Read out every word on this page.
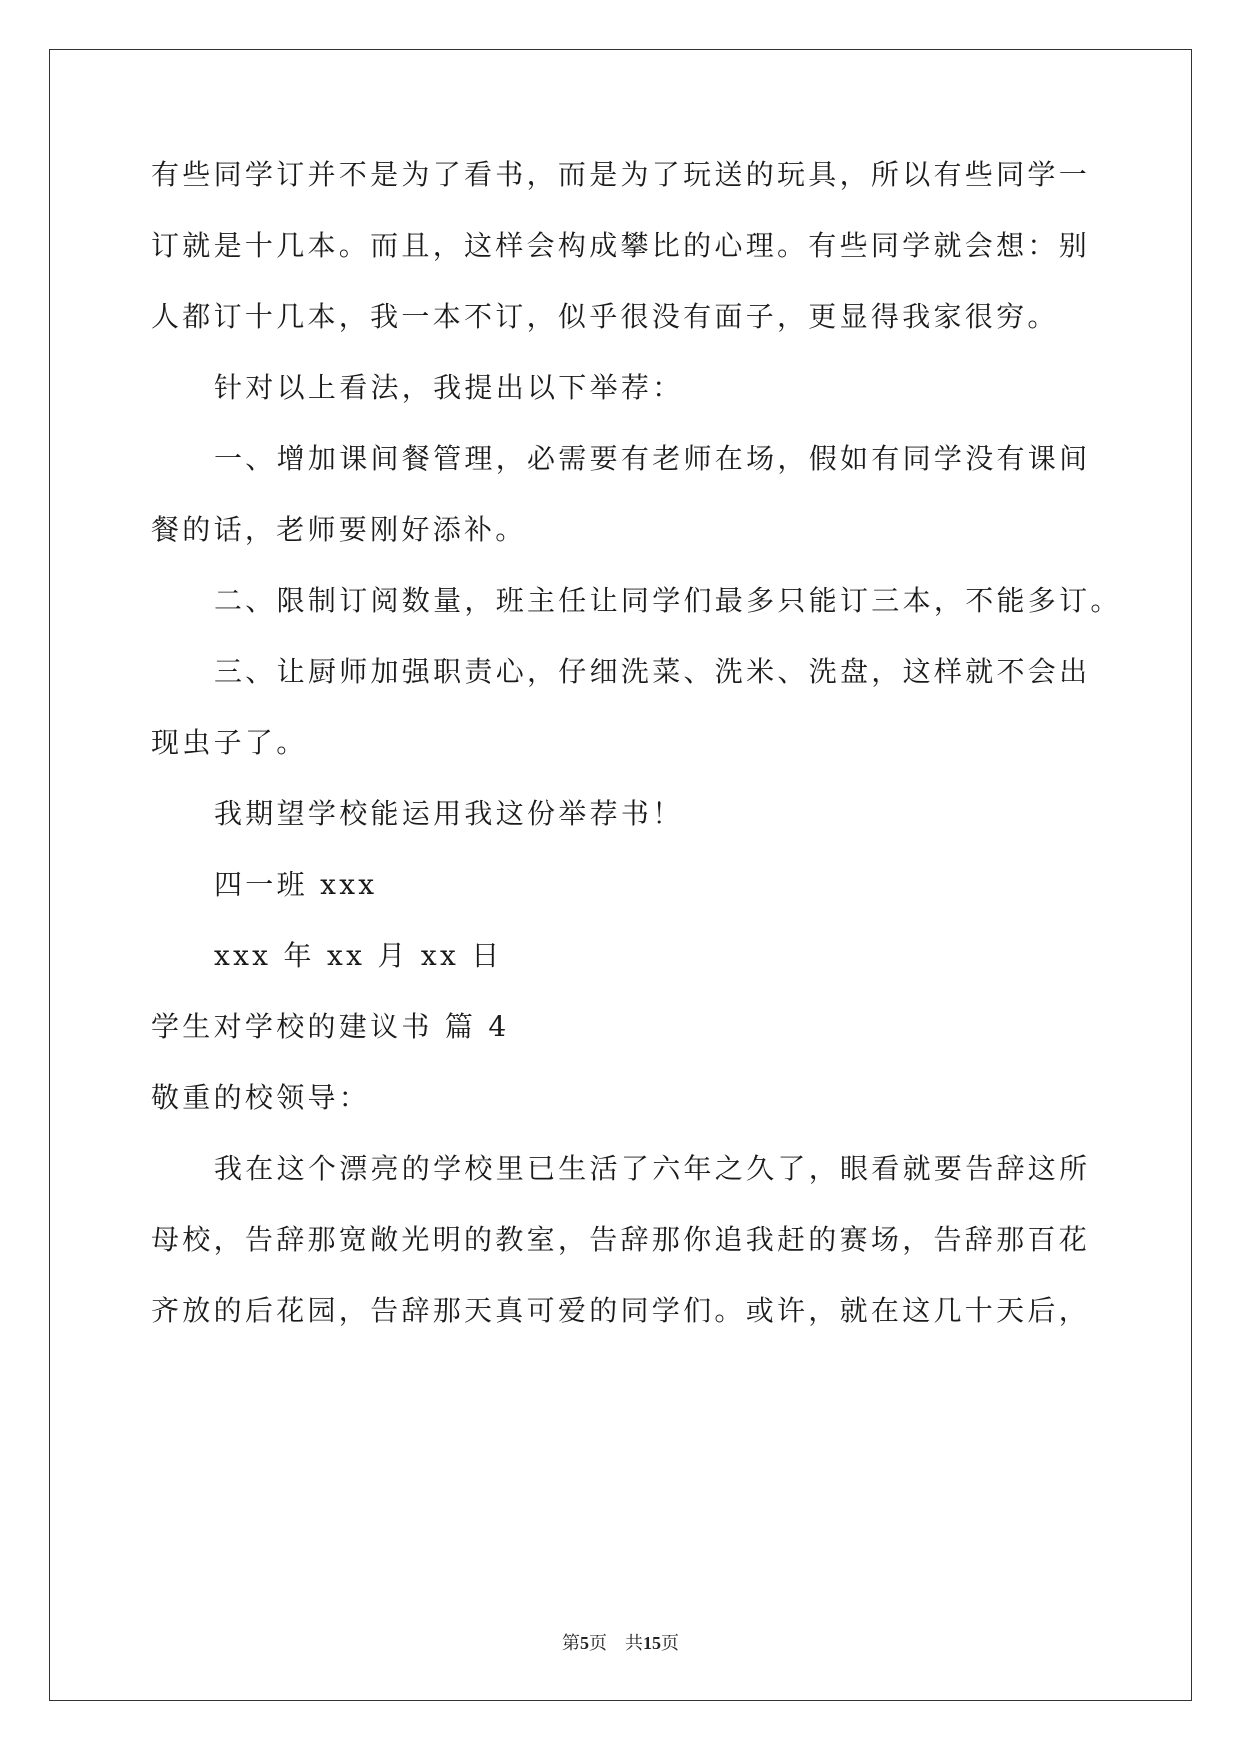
有些同学订并不是为了看书，而是为了玩送的玩具，所以有些同学一
订就是十几本。而且，这样会构成攀比的心理。有些同学就会想：别
人都订十几本，我一本不订，似乎很没有面子，更显得我家很穷。
针对以上看法，我提出以下举荐：
一、增加课间餐管理，必需要有老师在场，假如有同学没有课间
餐的话，老师要刚好添补。
二、限制订阅数量，班主任让同学们最多只能订三本，不能多订。
三、让厨师加强职责心，仔细洗菜、洗米、洗盘，这样就不会出
现虫子了。
我期望学校能运用我这份举荐书！
四一班 xxx
xxx 年 xx 月 xx 日
学生对学校的建议书 篇 4
敬重的校领导：
我在这个漂亮的学校里已生活了六年之久了，眼看就要告辞这所
母校，告辞那宽敞光明的教室，告辞那你追我赶的赛场，告辞那百花
齐放的后花园，告辞那天真可爱的同学们。或许，就在这几十天后，
第5页 共15页
